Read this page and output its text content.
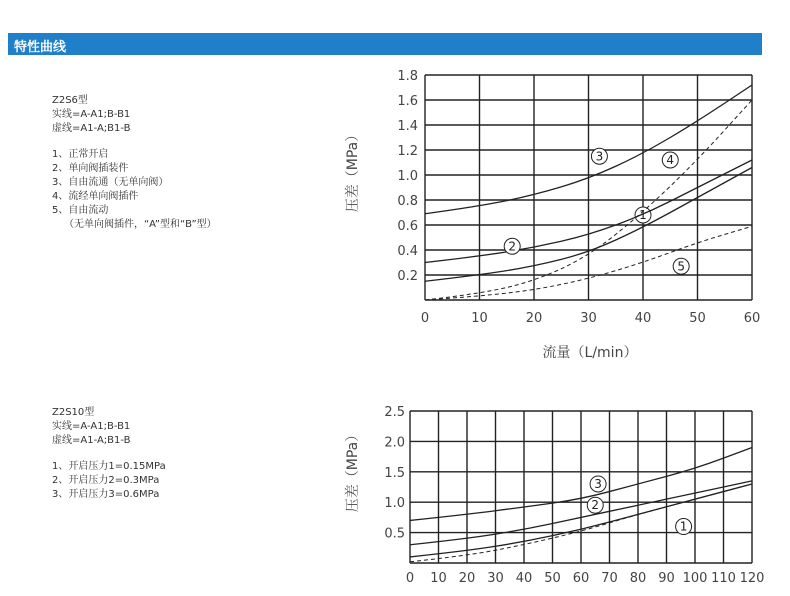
特性曲线
Z2S6型
实线=A-A1;B-B1
虚线=A1-A;B1-B
1、正常开启
2、单向阀插装件
3、自由流通（无单向阀）
4、流经单向阀插件
5、自由流动
（无单向阀插件，“A”型和“B”型）
Z2S10型
实线=A-A1;B-B1
虚线=A1-A;B1-B
1、开启压力1=0.15MPa
2、开启压力2=0.3MPa
3、开启压力3=0.6MPa
0	10	20	30	40	50	60
0.2
0.4
0.6
0.8
1.0
1.2
1.4
1.6
1.8
流量（L/min）
压差（MPa）
1
2
3	4
5
0 10 20 30 40 50 60 70 80 90 100 110 120
0.5
1.0
1.5
2.0
2.5
压差（MPa）
1
2
3
